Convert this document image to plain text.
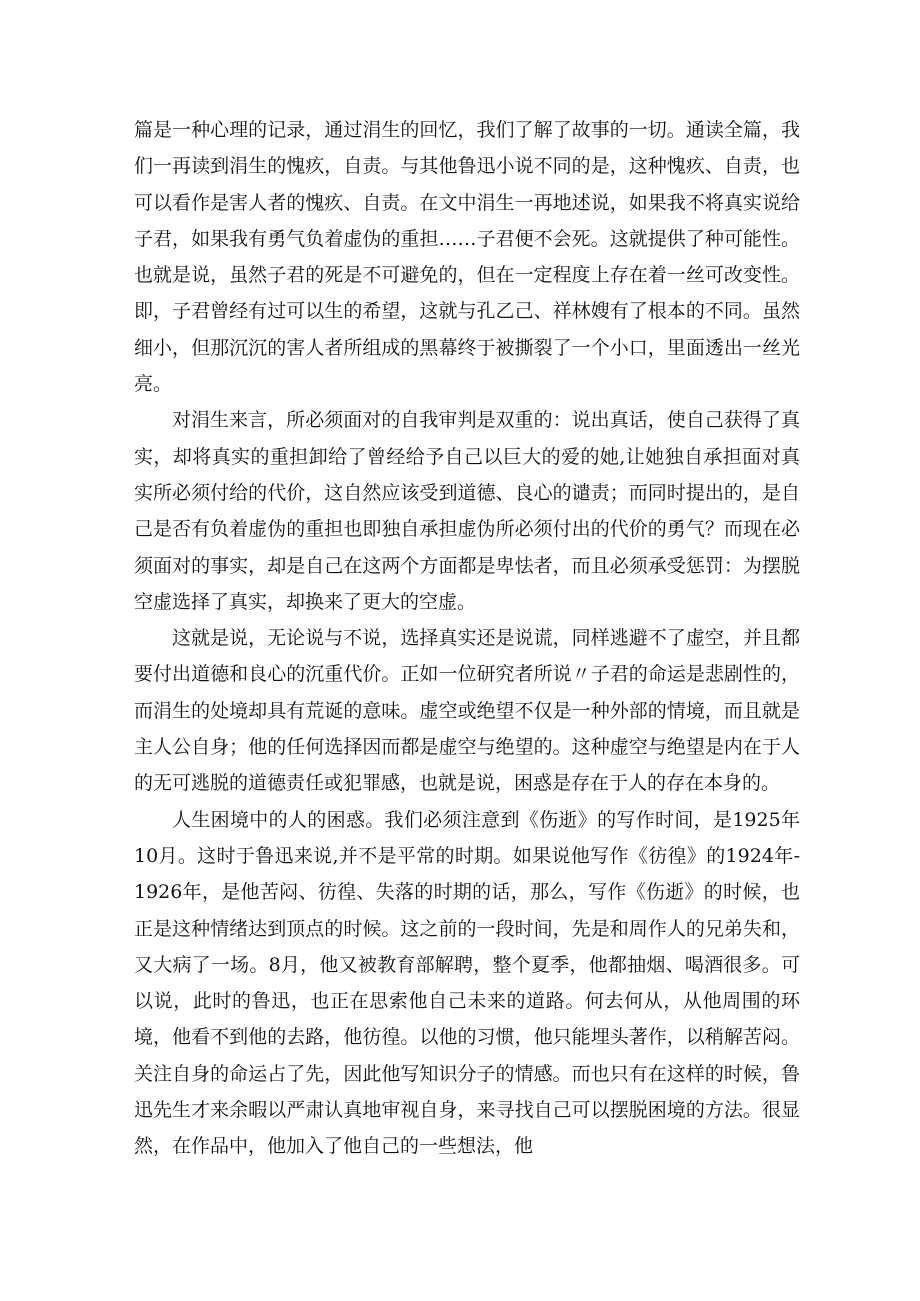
篇是一种心理的记录，通过涓生的回忆，我们了解了故事的一切。通读全篇，我们一再读到涓生的愧疚，自责。与其他鲁迅小说不同的是，这种愧疚、自责，也可以看作是害人者的愧疚、自责。在文中涓生一再地述说，如果我不将真实说给子君，如果我有勇气负着虚伪的重担……子君便不会死。这就提供了种可能性。也就是说，虽然子君的死是不可避免的，但在一定程度上存在着一丝可改变性。即，子君曾经有过可以生的希望，这就与孔乙己、祥林嫂有了根本的不同。虽然细小，但那沉沉的害人者所组成的黑幕终于被撕裂了一个小口，里面透出一丝光亮。

对涓生来言，所必须面对的自我审判是双重的：说出真话，使自己获得了真实，却将真实的重担卸给了曾经给予自己以巨大的爱的她,让她独自承担面对真实所必须付给的代价，这自然应该受到道德、良心的谴责；而同时提出的，是自己是否有负着虚伪的重担也即独自承担虚伪所必须付出的代价的勇气？而现在必须面对的事实，却是自己在这两个方面都是卑怯者，而且必须承受惩罚：为摆脱空虚选择了真实，却换来了更大的空虚。

这就是说，无论说与不说，选择真实还是说谎，同样逃避不了虚空，并且都要付出道德和良心的沉重代价。正如一位研究者所说〃子君的命运是悲剧性的，而涓生的处境却具有荒诞的意味。虚空或绝望不仅是一种外部的情境，而且就是主人公自身；他的任何选择因而都是虚空与绝望的。这种虚空与绝望是内在于人的无可逃脱的道德责任或犯罪感，也就是说，困惑是存在于人的存在本身的。

人生困境中的人的困惑。我们必须注意到《伤逝》的写作时间，是1925年10月。这时于鲁迅来说,并不是平常的时期。如果说他写作《彷徨》的1924年-1926年，是他苦闷、彷徨、失落的时期的话，那么，写作《伤逝》的时候，也正是这种情绪达到顶点的时候。这之前的一段时间，先是和周作人的兄弟失和，又大病了一场。8月，他又被教育部解聘，整个夏季，他都抽烟、喝酒很多。可以说，此时的鲁迅，也正在思索他自己未来的道路。何去何从，从他周围的环境，他看不到他的去路，他彷徨。以他的习惯，他只能埋头著作，以稍解苦闷。关注自身的命运占了先，因此他写知识分子的情感。而也只有在这样的时候，鲁迅先生才来余暇以严肃认真地审视自身，来寻找自己可以摆脱困境的方法。很显然，在作品中，他加入了他自己的一些想法，他
